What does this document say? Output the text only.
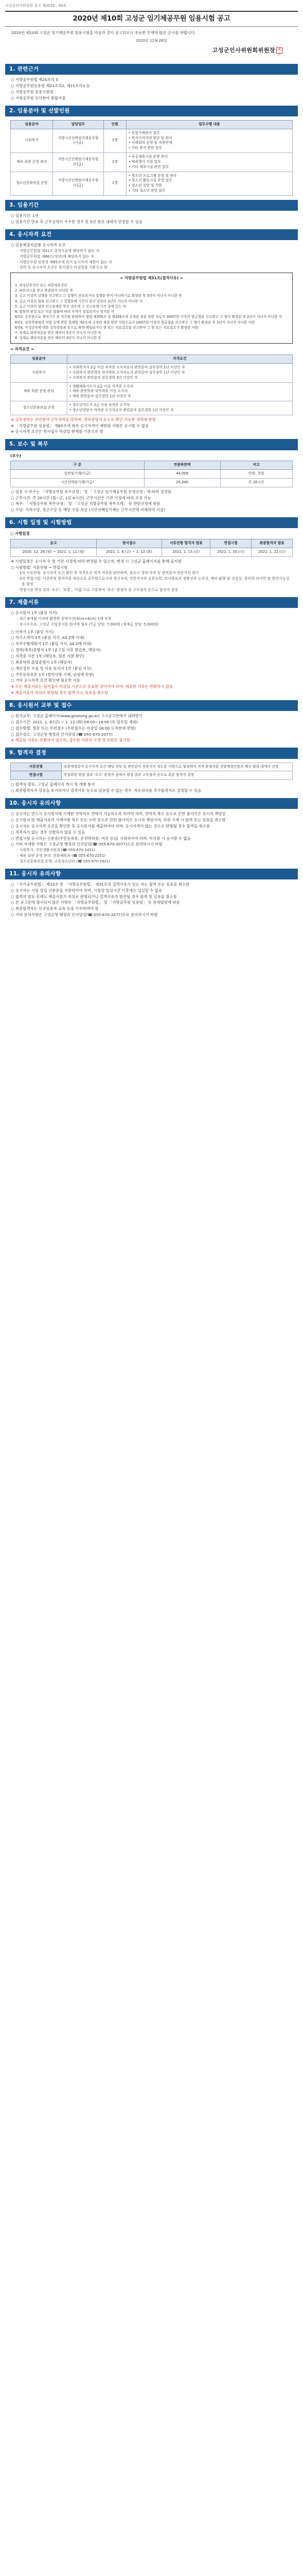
고성군인사위원회 공고 제2020 - 40호
2020년 제10회 고성군 임기제공무원 임용시험 공고
2020년 제10회 고성군 임기제공무원 임용시험을 다음과 같이 공고하오니 유능한 인재의 많은 응시를 바랍니다.
2020년 12월 28일
고성군인사위원회위원장 직인
1. 관련근거
○ 지방공무원법 제25조의 5
○ 지방공무원임용령 제21조의2, 제21조의3 등
○ 지방공무원 임용시험령
○ 지방공무원 인사분야 통합지침
2. 임용분야 및 선발인원
임용분야	담당업무	인원	업무수행 내용
사회복지	지방시간선택임기제공무원 (가급)	1명	• 통합사례관리 업무
• 복지사각지대 발굴 및 관리
• 사례회의 운영 및 자원연계
• 기타 복지 관련 업무
체육 회관 운영 관리	지방시간선택임기제공무원 (다급)	1명	• 공공체육시설 운영 관리
• 체육행사 지원 업무
• 기타 체육시설 관련 업무
청소년문화의집 운영	지방시간선택임기제공무원 (다급)	1명	• 청소년 프로그램 운영 및 관리
• 청소년 활동시설 운영 업무
• 청소년 상담 및 지원
• 기타 청소년 관련 업무
3. 임용기간
○ 임용기간: 1년
○ 임용기간 만료 후 근무실적이 우수한 경우 총 5년 범위 내에서 연장할 수 있음
4. 응시자격 요건
○ 임용예정직급별 응시자격 요건
- 지방공무원법 제31조 결격사유에 해당하지 않는 자
- 지방공무원법 제66조(정년)에 해당하지 않는 자
- 지방공무원 임용령 제65조에 의거 응시자격 제한이 없는 자
- 경력 등 응시자격 요건은 원서접수 마감일을 기준으로 함
< 지방공무원법 제31조(결격사유) >
1. 피성년후견인 또는 피한정후견인
2. 파산선고를 받고 복권되지 아니한 자
3. 금고 이상의 실형을 선고받고 그 집행이 종료되거나 집행을 받지 아니하기로 확정된 후 5년이 지나지 아니한 자
4. 금고 이상의 형을 선고받고 그 집행유예 기간이 끝난 날부터 2년이 지나지 아니한 자
5. 금고 이상의 형의 선고유예를 받은 경우에 그 선고유예 기간 중에 있는 자
6. 법원의 판결 또는 다른 법률에 따라 자격이 상실되거나 정지된 자
6의2. 공무원으로 재직기간 중 직무와 관련하여 형법 제355조 및 제356조에 규정된 죄를 범한 자로서 300만원 이상의 벌금형을 선고받고 그 형이 확정된 후 2년이 지나지 아니한 자
6의3. 성폭력범죄의 처벌 등에 관한 특례법 제2조에 규정된 죄를 범한 사람으로서 100만원 이상의 벌금형을 선고받고 그 형이 확정된 후 3년이 지나지 아니한 사람
6의4. 미성년자에 대한 성폭력범죄 등으로 파면·해임되거나 형 또는 치료감호를 선고받아 그 형 또는 치료감호가 확정된 사람
7. 징계로 파면처분을 받은 때부터 5년이 지나지 아니한 자
8. 징계로 해임처분을 받은 때부터 3년이 지나지 아니한 자
< 자격요건 >
임용분야	자격요건
사회복지	• 사회복지사 2급 이상 자격증 소지자로서 관련분야 실무경력 1년 이상인 자
• 사회복지 관련학과 학사학위 소지자로서 관련분야 실무경력 1년 이상인 자
• 사회복지 관련분야 실무경력 3년 이상인 자
체육 회관 운영 관리	• 생활체육지도사 2급 이상 자격증 소지자
• 체육 관련학과 학사학위 이상 소지자
• 체육 관련분야 실무경력 1년 이상인 자
청소년문화의집 운영	• 청소년지도사 2급 이상 자격증 소지자
• 청소년상담사 자격증 소지자로서 관련분야 실무경력 1년 이상인 자
※ 실무경력은 관련분야 근무경력을 말하며, 경력증명서 등으로 확인 가능한 경력에 한함
※ 「지방공무원 임용령」 제65조에 따라 응시자격이 제한된 사람은 응시할 수 없음
※ 응시자격 요건은 원서접수 마감일 현재를 기준으로 함
5. 보수 및 복무
(보수)
구 분	연봉하한액	비고
일반임기제(다급)	44,008	단위: 천원
시간선택임기제(가급)	25,340	주 20시간
○ 임용 시 보수는 「지방공무원 보수규정」 및 「고성군 임기제공무원 운영규정」에 따라 결정됨
○ 근무시간: 주 20시간 (월~금, 1일 4시간), 근무시간은 기관 사정에 따라 조정 가능
○ 복무: 「지방공무원 복무규정」 및 「고성군 지방공무원 복무조례」 등 관련규정에 따름
○ 수당: 가족수당, 정근수당 등 해당 수당 지급 (시간선택임기제는 근무시간에 비례하여 지급)
6. 시험 일정 및 시험방법
○ 시험일정
공고	원서접수	서류전형 합격자 발표	면접시험	최종합격자 발표
2020. 12. 28.(월) ~ 2021. 1. 11.(월)	2021. 1. 8.(금) ~ 1. 12.(화)	2021. 1. 15.(금)	2021. 1. 20.(수)	2021. 1. 22.(금)
※ 시험일정은 응시자 수 및 기관 사정에 따라 변경될 수 있으며, 변경 시 고성군 홈페이지를 통해 공지함
○ 시험방법: 서류전형 → 면접시험
- 1차 서류전형: 응시자격 요건 확인 후 자격요건 적격 여부를 판단하며, 필요시 경력·자격 등 관련분야 전문지식 평가
- 2차 면접시험: 서류전형 합격자를 대상으로 공무원으로서의 정신자세, 전문지식과 응용능력, 의사발표의 정확성과 논리성, 예의·품행 및 성실성, 창의력·의지력 및 발전가능성을 평정
- 면접시험 평정 결과 ‘우수’, ‘보통’, ‘미흡’으로 구분하여 ‘우수’ 판정자 중 고득점자 순으로 합격자 결정
7. 제출서류
○ 응시원서 1부 (붙임 서식)
- 최근 6개월 이내에 촬영한 증명사진(3cm×4cm) 1매 부착
- 응시수수료: 고성군 수입증지를 원서에 첨부 (7급 상당: 7,000원 / 8·9급 상당: 5,000원)
○ 이력서 1부 (붙임 서식)
○ 자기소개서 1부 (붙임 서식, A4 2매 이내)
○ 직무수행계획서 1부 (붙임 서식, A4 2매 이내)
○ 경력(재직)증명서 1부 (공고일 이후 발급분, 해당자)
○ 자격증 사본 1부 (해당자, 원본 지참 확인)
○ 최종학력 졸업증명서 1부 (해당자)
○ 개인정보 수집 및 이용 동의서 1부 (붙임 서식)
○ 주민등록초본 1부 (병역사항 기재, 남성에 한함)
○ 기타 응시자격 요건 확인에 필요한 서류
※ 모든 제출서류는 원서접수 마감일 기준으로 유효한 것이어야 하며, 제출한 서류는 반환하지 않음
※ 제출서류가 허위로 판명될 경우 합격 또는 임용을 취소함
8. 응시원서 교부 및 접수
○ 원서교부: 고성군 홈페이지(www.goseong.go.kr) 고시공고란에서 내려받기
○ 접수기간: 2021. 1. 8.(금) ~ 1. 12.(화) 09:00~18:00 (토·일요일 제외)
○ 접수방법: 방문 또는 우편접수 (우편접수는 마감일 18:00 도착분에 한함)
○ 접수장소: 고성군청 행정과 인사담당 (☎ 055-670-2077)
※ 제출된 서류는 반환하지 않으며, 접수된 서류의 수정 및 보완은 불가함
9. 합격자 결정
서류전형	임용예정분야 응시자격 요건 해당 여부 및 관련분야 전문지식 정도를 서면으로 평정하여 적격 판정자를 선발예정인원의 배수 범위 내에서 선정
면접시험	면접위원 평정 결과 ‘우수’ 판정자 중에서 평정 결과 고득점자 순으로 최종 합격자 결정
○ 합격자 발표: 고성군 홈페이지 게시 및 개별 통지
○ 최종합격자가 임용을 포기하거나 결격사유 등으로 임용할 수 없는 경우, 차순위자를 추가합격자로 결정할 수 있음
10. 응시자 유의사항
○ 응시자는 반드시 응시원서에 기재한 연락처로 연락이 가능하도록 하여야 하며, 연락처 착오 등으로 인한 불이익은 응시자 책임임
○ 응시원서 및 제출서류의 기재사항 착오 또는 누락 등으로 인한 불이익은 응시자 책임이며, 허위 기재 시 합격 또는 임용을 취소함
○ 응시자는 응시자격 요건을 확인한 후 응시원서를 제출하여야 하며, 응시자격이 없는 것으로 판명될 경우 합격을 취소함
○ 적격자가 없는 경우 선발하지 않을 수 있음
○ 면접시험 응시자는 신분증(주민등록증, 운전면허증, 여권 등)을 지참하여야 하며, 미지참 시 응시할 수 없음
○ 기타 자세한 사항은 고성군청 행정과 인사담당(☎ 055-670-2077)으로 문의하시기 바람
- 사회복지: 주민생활지원과 (☎ 055-670-2431)
- 체육 회관 운영 관리: 문화체육과 (☎ 055-670-2251)
- 청소년문화의집 운영: 교육청소년과 (☎ 055-670-2921)
11. 응시자 유의사항
○ 「국가공무원법」 제33조 및 「지방공무원법」 제31조의 결격사유가 있는 자는 합격 또는 임용을 취소함
○ 응시자는 시험 당일 신분증을 지참하여야 하며, 시험장 입실시간 이후에는 입실할 수 없음
○ 합격자 발표 후에도 제출서류가 허위로 판명되거나 결격사유가 발견될 경우 합격 및 임용을 취소함
○ 본 공고문에 명시되지 않은 사항은 「지방공무원법」 및 「지방공무원 임용령」 등 관계법령에 따름
○ 최종합격자는 신규임용자 교육 등을 이수하여야 함
○ 기타 문의사항은 고성군청 행정과 인사담당(☎ 055-670-2077)으로 문의하시기 바람
